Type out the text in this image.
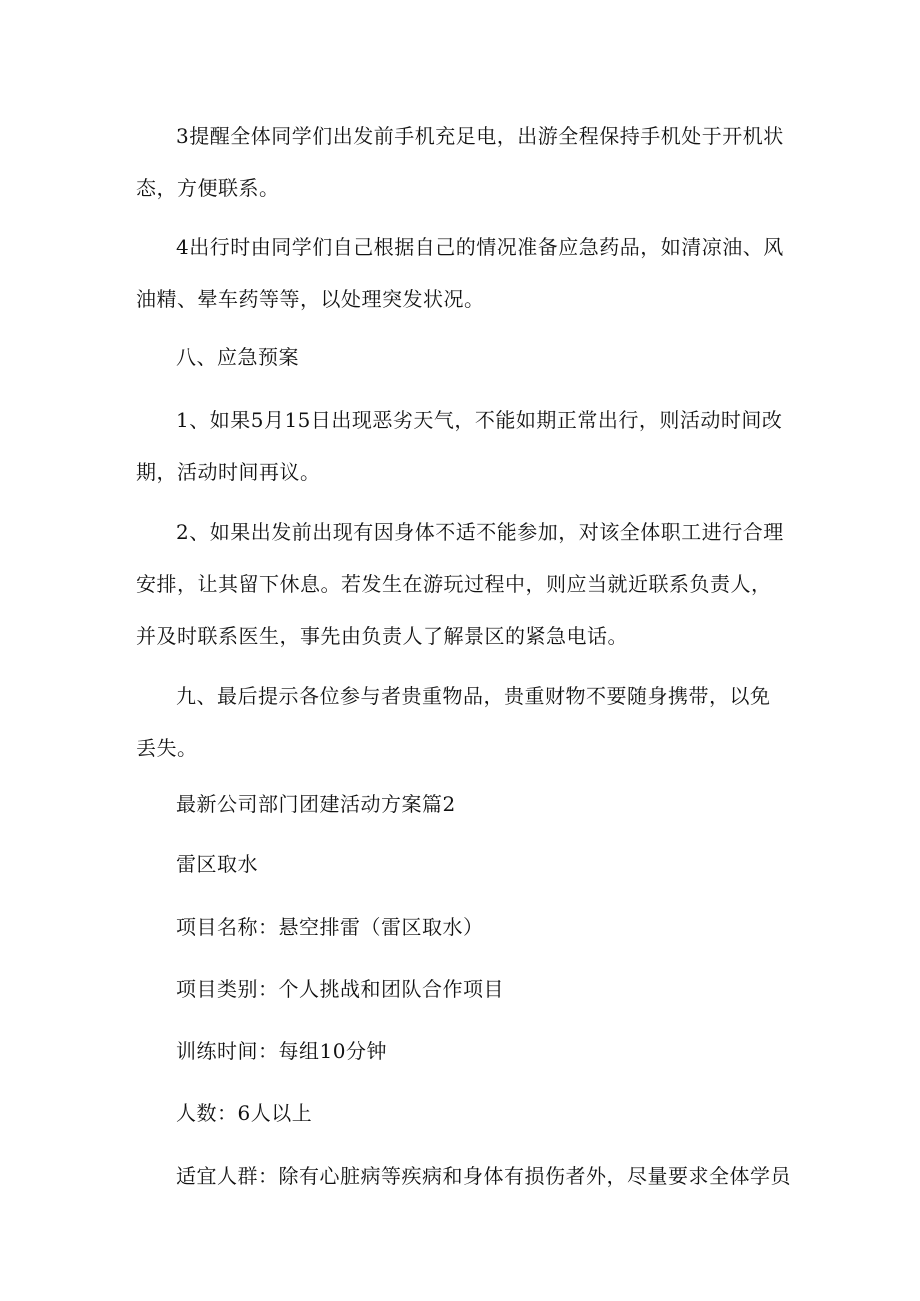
3提醒全体同学们出发前手机充足电，出游全程保持手机处于开机状态，方便联系。

4出行时由同学们自己根据自己的情况准备应急药品，如清凉油、风油精、晕车药等等，以处理突发状况。

八、应急预案

1、如果5月15日出现恶劣天气，不能如期正常出行，则活动时间改期，活动时间再议。

2、如果出发前出现有因身体不适不能参加，对该全体职工进行合理安排，让其留下休息。若发生在游玩过程中，则应当就近联系负责人，并及时联系医生，事先由负责人了解景区的紧急电话。

九、最后提示各位参与者贵重物品，贵重财物不要随身携带，以免丢失。

最新公司部门团建活动方案篇2

雷区取水

项目名称：悬空排雷（雷区取水）

项目类别：个人挑战和团队合作项目

训练时间：每组10分钟

人数：6人以上

适宜人群：除有心脏病等疾病和身体有损伤者外，尽量要求全体学员
